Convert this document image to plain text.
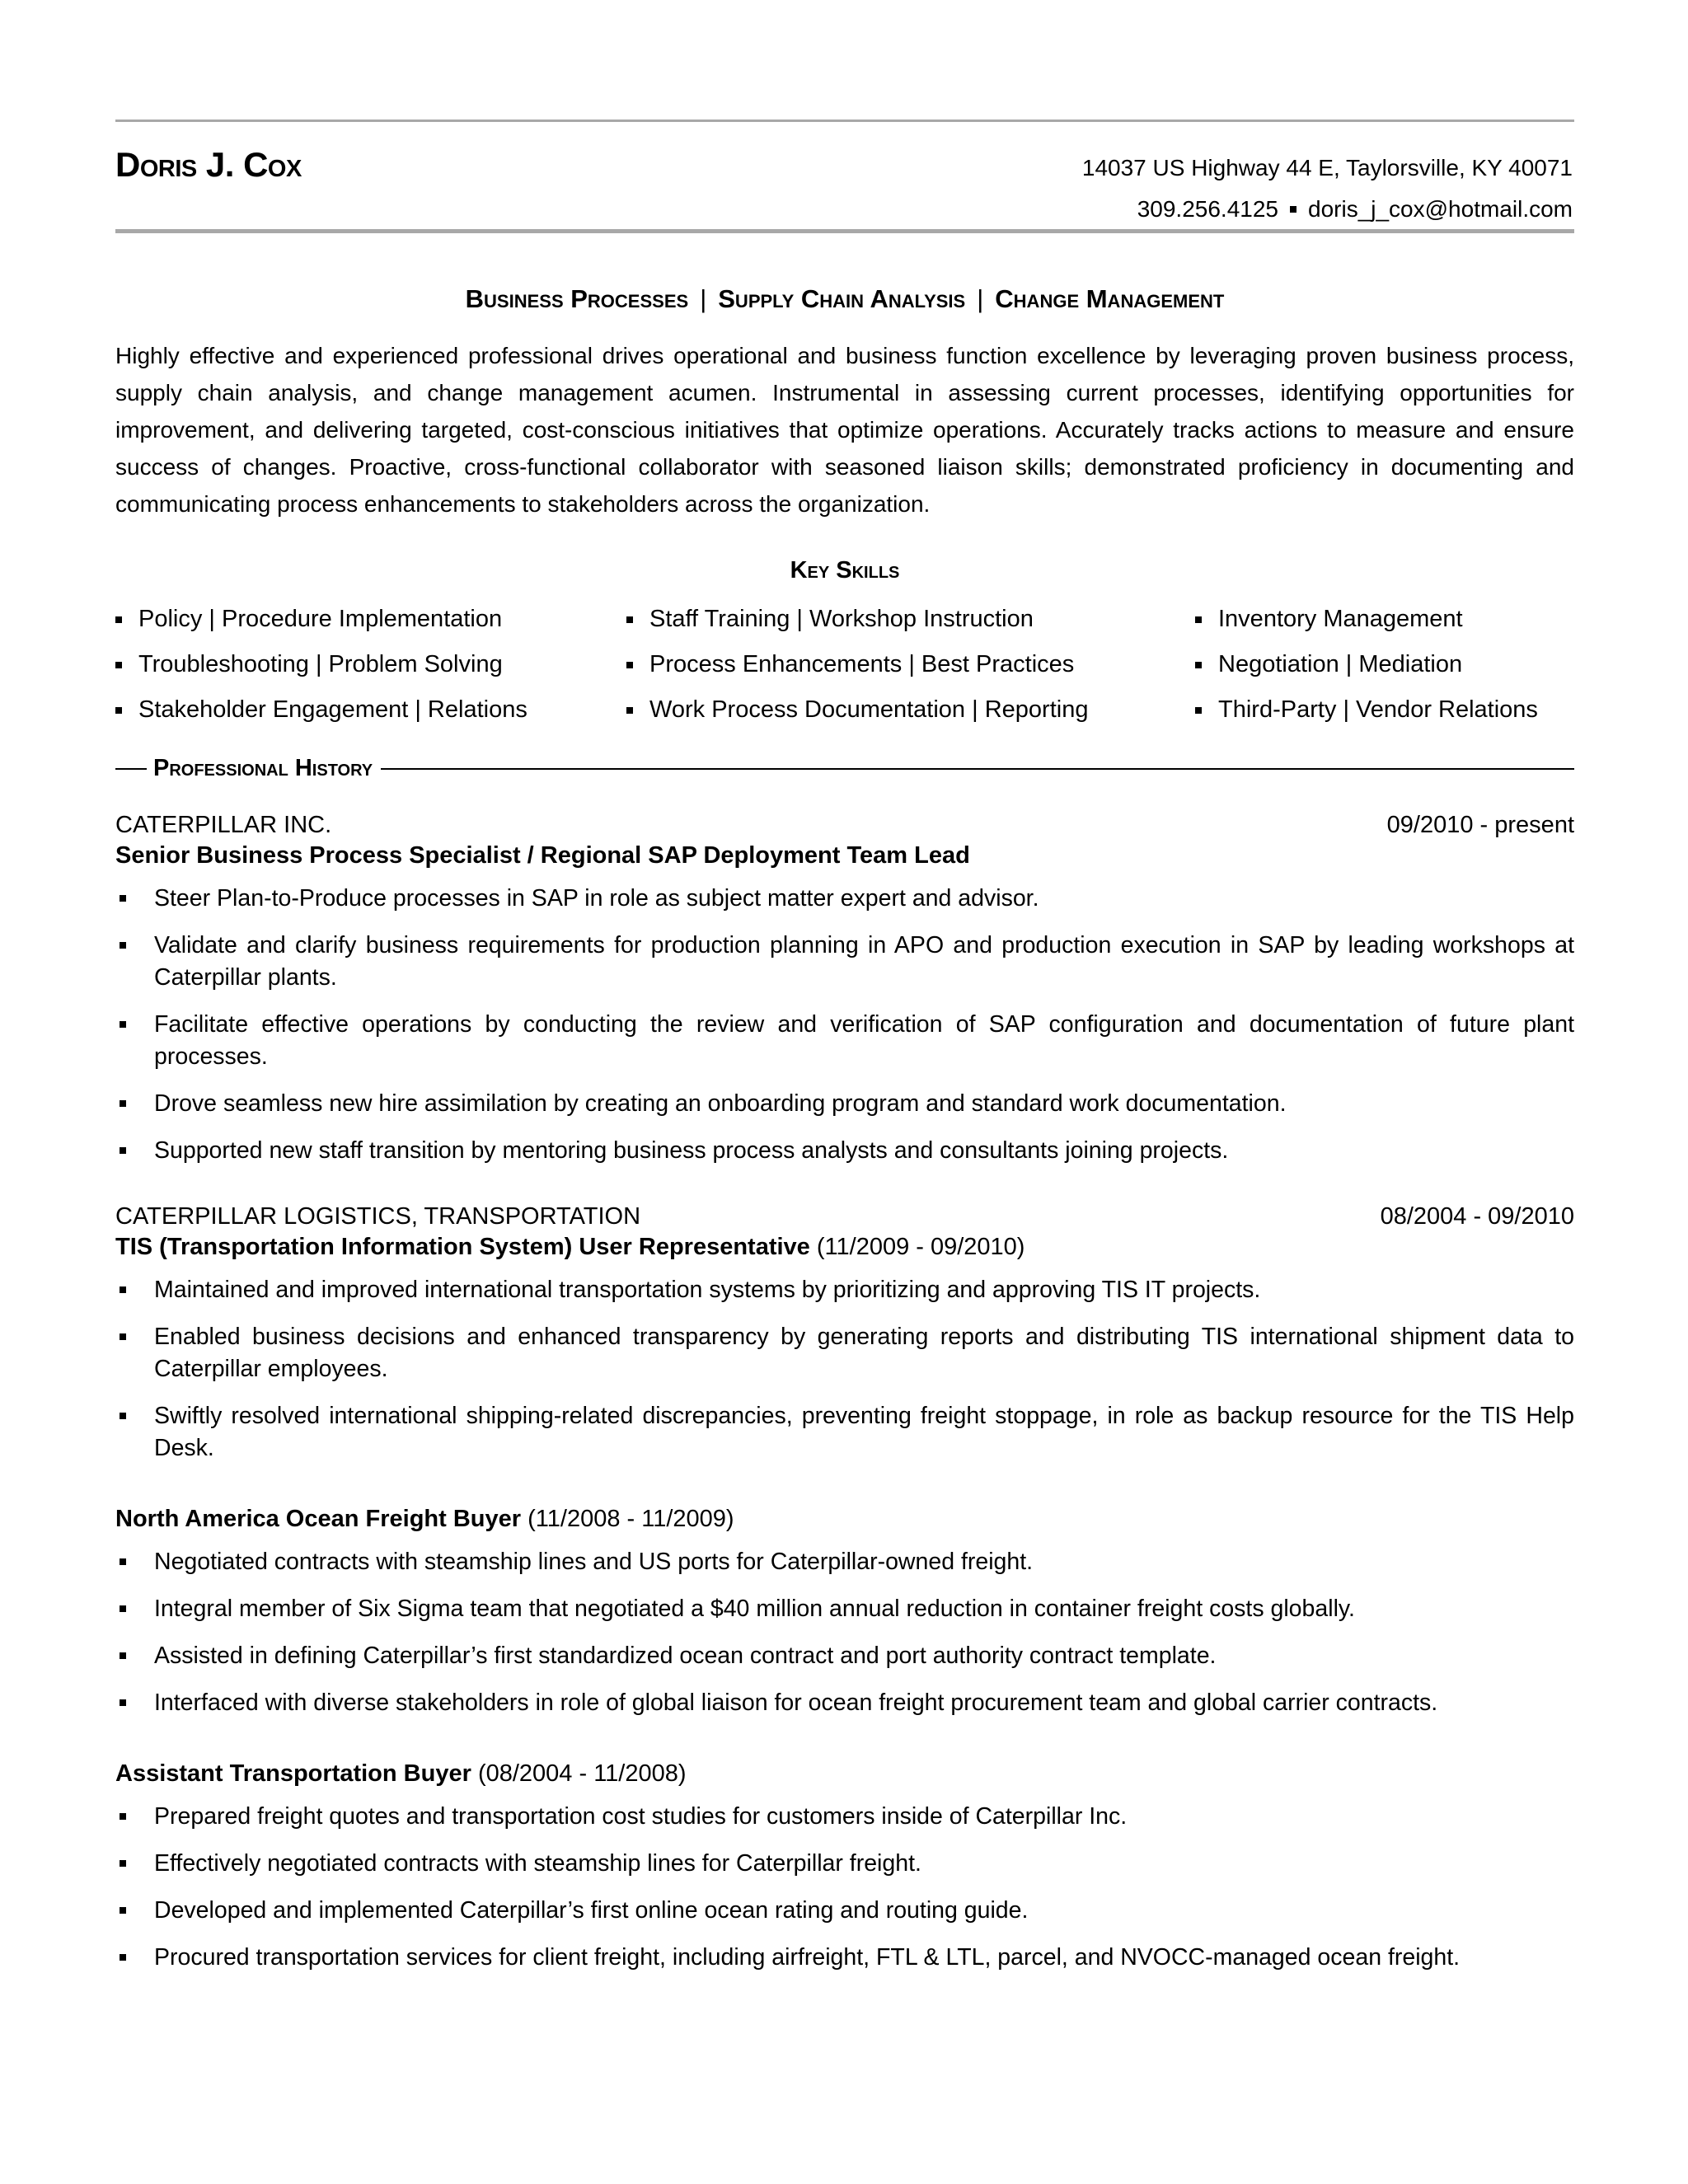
Doris J. Cox	14037 US Highway 44 E, Taylorsville, KY 40071
309.256.4125 doris_j_cox@hotmail.com
Business Processes | Supply Chain Analysis | Change Management
Highly effective and experienced professional drives operational and business function excellence by leveraging proven business process, supply chain analysis, and change management acumen. Instrumental in assessing current processes, identifying opportunities for improvement, and delivering targeted, cost-conscious initiatives that optimize operations. Accurately tracks actions to measure and ensure success of changes. Proactive, cross-functional collaborator with seasoned liaison skills; demonstrated proficiency in documenting and communicating process enhancements to stakeholders across the organization.
Key Skills
Policy | Procedure Implementation	Staff Training | Workshop Instruction	Inventory Management
Troubleshooting | Problem Solving	Process Enhancements | Best Practices	Negotiation | Mediation
Stakeholder Engagement | Relations	Work Process Documentation | Reporting	Third-Party | Vendor Relations
Professional History
CATERPILLAR INC.	09/2010 - present
Senior Business Process Specialist / Regional SAP Deployment Team Lead
Steer Plan-to-Produce processes in SAP in role as subject matter expert and advisor.
Validate and clarify business requirements for production planning in APO and production execution in SAP by leading workshops at Caterpillar plants.
Facilitate effective operations by conducting the review and verification of SAP configuration and documentation of future plant processes.
Drove seamless new hire assimilation by creating an onboarding program and standard work documentation.
Supported new staff transition by mentoring business process analysts and consultants joining projects.
CATERPILLAR LOGISTICS, TRANSPORTATION	08/2004 - 09/2010
TIS (Transportation Information System) User Representative (11/2009 - 09/2010)
Maintained and improved international transportation systems by prioritizing and approving TIS IT projects.
Enabled business decisions and enhanced transparency by generating reports and distributing TIS international shipment data to Caterpillar employees.
Swiftly resolved international shipping-related discrepancies, preventing freight stoppage, in role as backup resource for the TIS Help Desk.
North America Ocean Freight Buyer (11/2008 - 11/2009)
Negotiated contracts with steamship lines and US ports for Caterpillar-owned freight.
Integral member of Six Sigma team that negotiated a $40 million annual reduction in container freight costs globally.
Assisted in defining Caterpillar’s first standardized ocean contract and port authority contract template.
Interfaced with diverse stakeholders in role of global liaison for ocean freight procurement team and global carrier contracts.
Assistant Transportation Buyer (08/2004 - 11/2008)
Prepared freight quotes and transportation cost studies for customers inside of Caterpillar Inc.
Effectively negotiated contracts with steamship lines for Caterpillar freight.
Developed and implemented Caterpillar’s first online ocean rating and routing guide.
Procured transportation services for client freight, including airfreight, FTL & LTL, parcel, and NVOCC-managed ocean freight.
